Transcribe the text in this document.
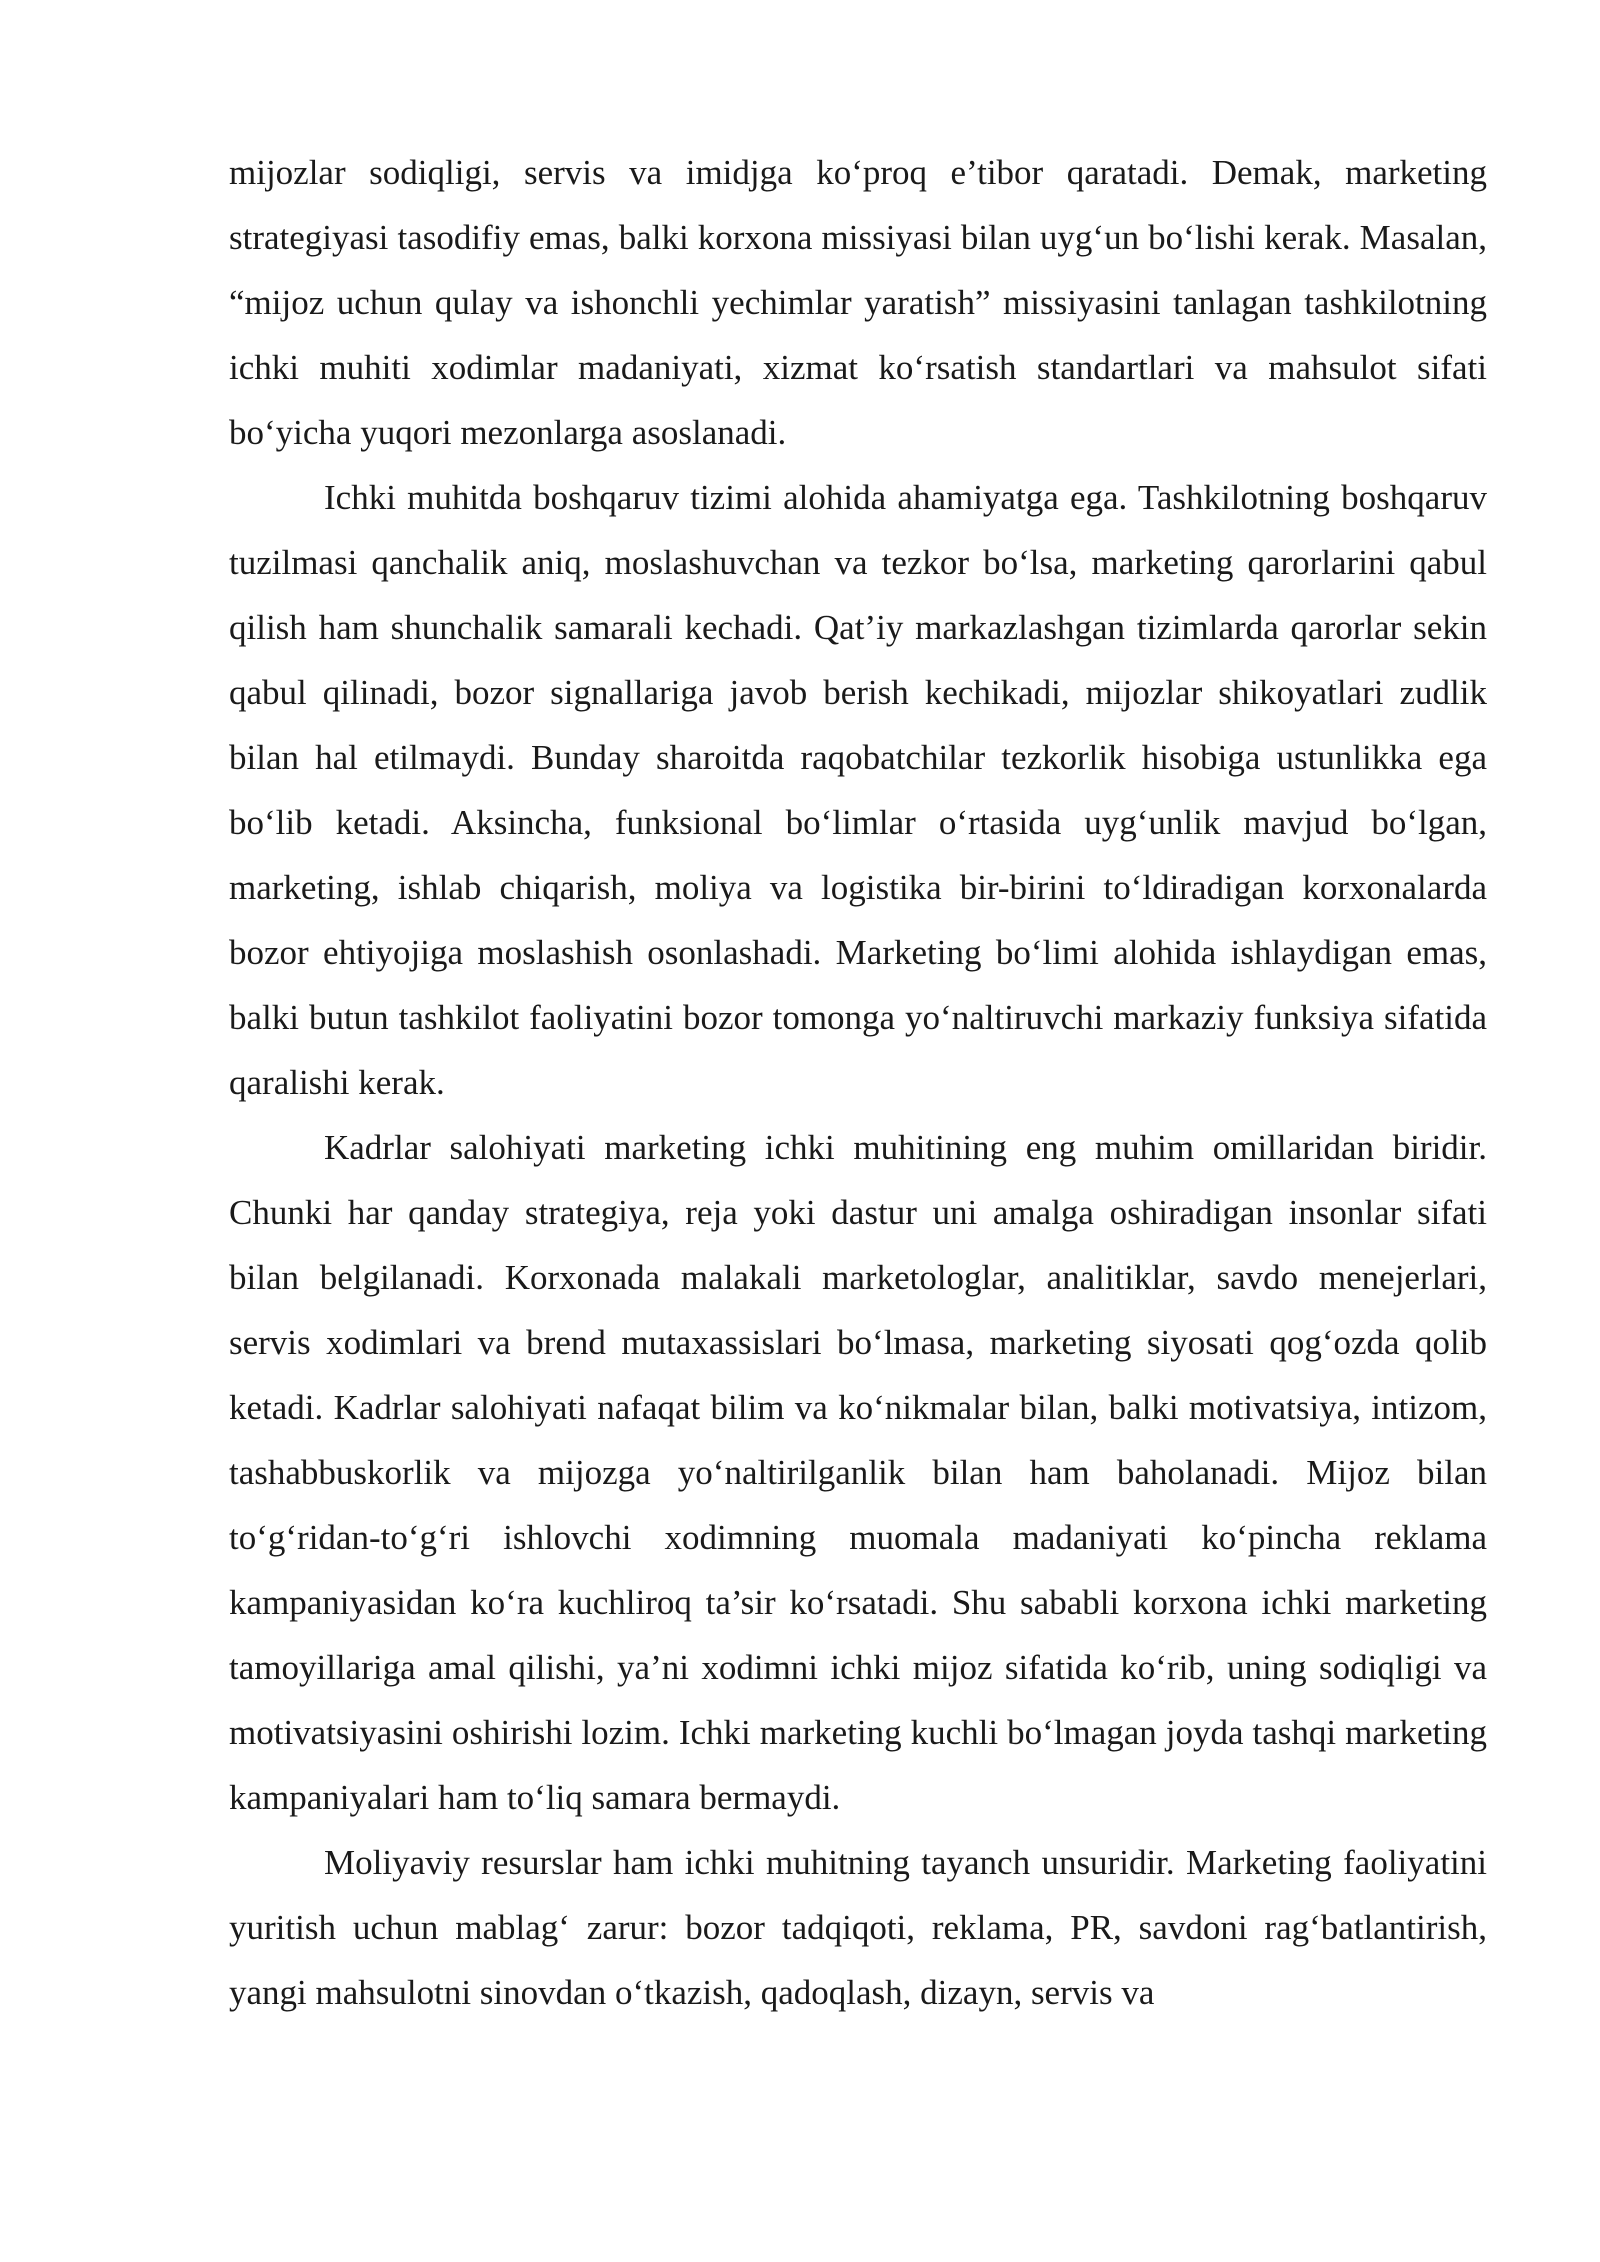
mijozlar sodiqligi, servis va imidjga ko‘proq e’tibor qaratadi. Demak, marketing strategiyasi tasodifiy emas, balki korxona missiyasi bilan uyg‘un bo‘lishi kerak. Masalan, “mijoz uchun qulay va ishonchli yechimlar yaratish” missiyasini tanlagan tashkilotning ichki muhiti xodimlar madaniyati, xizmat ko‘rsatish standartlari va mahsulot sifati bo‘yicha yuqori mezonlarga asoslanadi.

Ichki muhitda boshqaruv tizimi alohida ahamiyatga ega. Tashkilotning boshqaruv tuzilmasi qanchalik aniq, moslashuvchan va tezkor bo‘lsa, marketing qarorlarini qabul qilish ham shunchalik samarali kechadi. Qat’iy markazlashgan tizimlarda qarorlar sekin qabul qilinadi, bozor signallariga javob berish kechikadi, mijozlar shikoyatlari zudlik bilan hal etilmaydi. Bunday sharoitda raqobatchilar tezkorlik hisobiga ustunlikka ega bo‘lib ketadi. Aksincha, funksional bo‘limlar o‘rtasida uyg‘unlik mavjud bo‘lgan, marketing, ishlab chiqarish, moliya va logistika bir-birini to‘ldiradigan korxonalarda bozor ehtiyojiga moslashish osonlashadi. Marketing bo‘limi alohida ishlaydigan emas, balki butun tashkilot faoliyatini bozor tomonga yo‘naltiruvchi markaziy funksiya sifatida qaralishi kerak.

Kadrlar salohiyati marketing ichki muhitining eng muhim omillaridan biridir. Chunki har qanday strategiya, reja yoki dastur uni amalga oshiradigan insonlar sifati bilan belgilanadi. Korxonada malakali marketologlar, analitiklar, savdo menejerlari, servis xodimlari va brend mutaxassislari bo‘lmasa, marketing siyosati qog‘ozda qolib ketadi. Kadrlar salohiyati nafaqat bilim va ko‘nikmalar bilan, balki motivatsiya, intizom, tashabbuskorlik va mijozga yo‘naltirilganlik bilan ham baholanadi. Mijoz bilan to‘g‘ridan-to‘g‘ri ishlovchi xodimning muomala madaniyati ko‘pincha reklama kampaniyasidan ko‘ra kuchliroq ta’sir ko‘rsatadi. Shu sababli korxona ichki marketing tamoyillariga amal qilishi, ya’ni xodimni ichki mijoz sifatida ko‘rib, uning sodiqligi va motivatsiyasini oshirishi lozim. Ichki marketing kuchli bo‘lmagan joyda tashqi marketing kampaniyalari ham to‘liq samara bermaydi.

Moliyaviy resurslar ham ichki muhitning tayanch unsuridir. Marketing faoliyatini yuritish uchun mablag‘ zarur: bozor tadqiqoti, reklama, PR, savdoni rag‘batlantirish, yangi mahsulotni sinovdan o‘tkazish, qadoqlash, dizayn, servis va
